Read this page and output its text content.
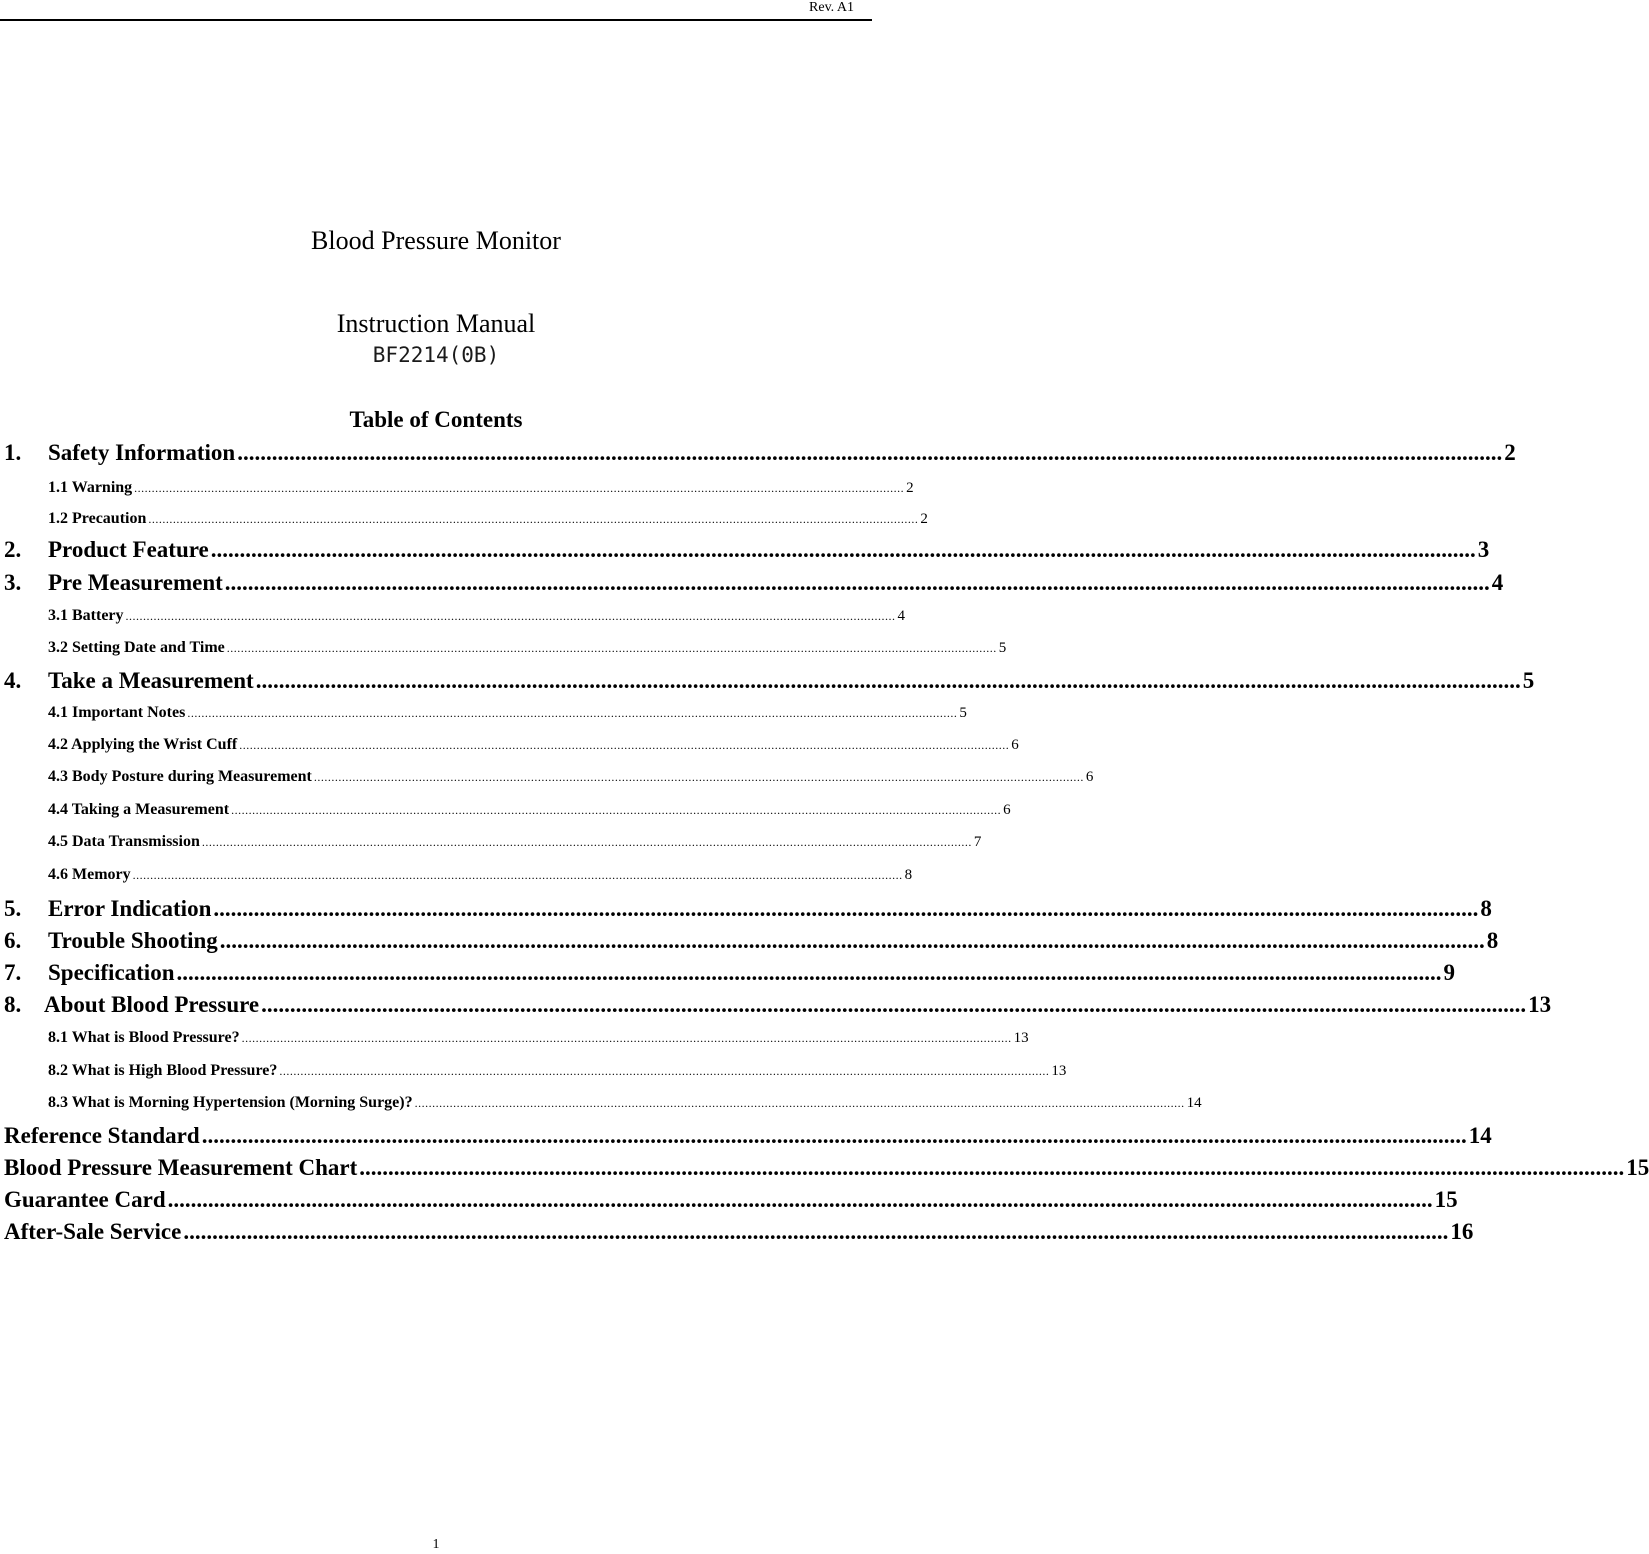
Rev. A1
Blood Pressure Monitor
Instruction Manual
BF2214(0B)
Table of Contents
1.	Safety Information ............................................................................................................................................................................................................................ 2
1.1 Warning ............................................................................................................................................................................................................................ 2
1.2 Precaution ............................................................................................................................................................................................................................ 2
2.	Product Feature ............................................................................................................................................................................................................................ 3
3.	Pre Measurement ............................................................................................................................................................................................................................ 4
3.1 Battery ............................................................................................................................................................................................................................ 4
3.2 Setting Date and Time ............................................................................................................................................................................................................................ 5
4.	Take a Measurement ............................................................................................................................................................................................................................ 5
4.1 Important Notes ............................................................................................................................................................................................................................ 5
4.2 Applying the Wrist Cuff ............................................................................................................................................................................................................................ 6
4.3 Body Posture during Measurement ............................................................................................................................................................................................................................ 6
4.4 Taking a Measurement ............................................................................................................................................................................................................................ 6
4.5 Data Transmission ............................................................................................................................................................................................................................ 7
4.6 Memory ............................................................................................................................................................................................................................ 8
5.	Error Indication ............................................................................................................................................................................................................................ 8
6.	Trouble Shooting ............................................................................................................................................................................................................................ 8
7.	Specification ............................................................................................................................................................................................................................ 9
8. About Blood Pressure ............................................................................................................................................................................................................................ 13
8.1 What is Blood Pressure? ............................................................................................................................................................................................................................ 13
8.2 What is High Blood Pressure? ............................................................................................................................................................................................................................ 13
8.3 What is Morning Hypertension (Morning Surge)? ............................................................................................................................................................................................................................ 14
Reference Standard ............................................................................................................................................................................................................................ 14
Blood Pressure Measurement Chart ............................................................................................................................................................................................................................ 15
Guarantee Card ............................................................................................................................................................................................................................ 15
After-Sale Service ............................................................................................................................................................................................................................ 16
1
